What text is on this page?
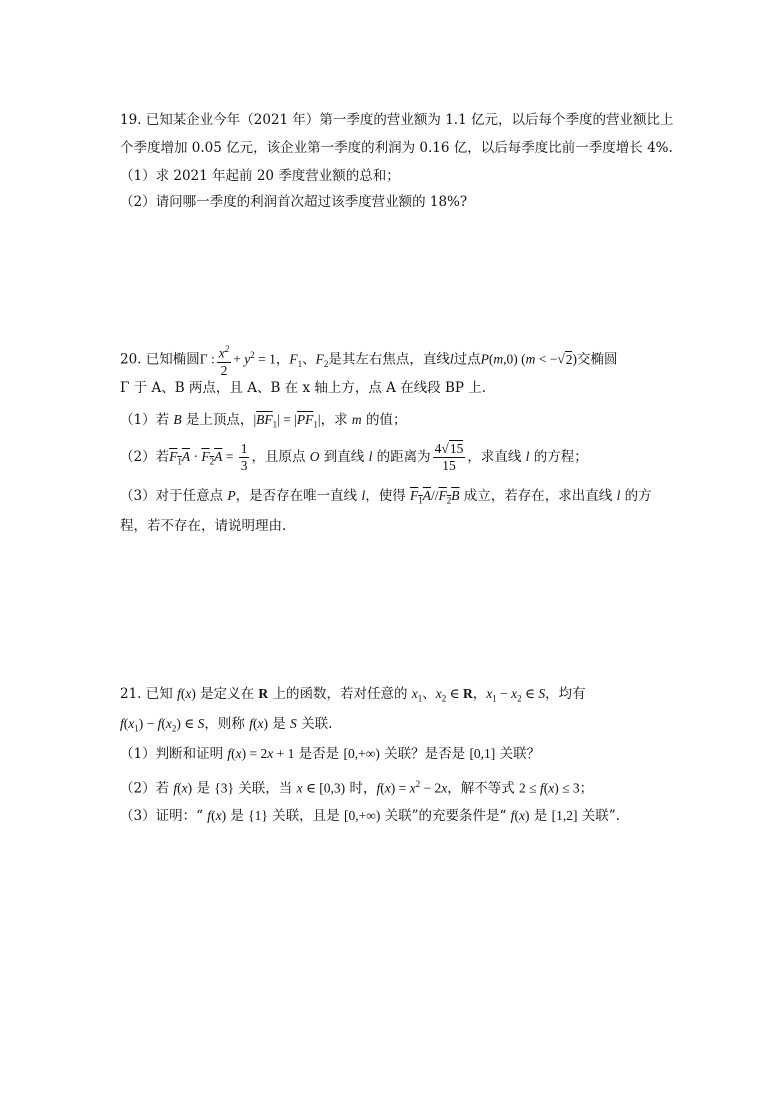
19. 已知某企业今年（2021 年）第一季度的营业额为 1.1 亿元，以后每个季度的营业额比上
个季度增加 0.05 亿元，该企业第一季度的利润为 0.16 亿，以后每季度比前一季度增长 4%.
（1）求 2021 年起前 20 季度营业额的总和；
（2）请问哪一季度的利润首次超过该季度营业额的 18%?
20. 已知椭圆Γ : $\frac{x^2}{2} + y^2 = 1$，$F_1$、$F_2$是其左右焦点，直线l过点P(m,0) (m < −√2)交椭圆
Γ 于 A、B 两点，且 A、B 在 x 轴上方，点 A 在线段 BP 上.
（1）若 B 是上顶点，$|\overline{BF}_1| = |\overline{PF}_1|$，求 m 的值；
（2）若$F_1A \cdot F_2A = \frac{1}{3}$ ，且原点 O 到直线 l 的距离为 $\frac{4√15}{15}$ ，求直线 l 的方程；
（3）对于任意点 P，是否存在唯一直线 l，使得 $F_1A//F_2B$ 成立，若存在，求出直线 l 的方
程，若不存在，请说明理由.
21. 已知 f(x) 是定义在 R 上的函数，若对任意的 $x_1$、$x_2$ ∈ R，$x_1 - x_2$ ∈ S，均有
$f(x_1) - f(x_2)$ ∈ S，则称 f(x) 是 S 关联.
（1）判断和证明 f(x) = 2x + 1 是否是 [0,+∞) 关联？是否是 [0,1] 关联？
（2）若 f(x) 是 {3} 关联，当 x ∈ [0,3) 时，$f(x) = x^2 - 2x$，解不等式 2 ≤ f(x) ≤ 3；
（3）证明：“ f(x) 是 {1} 关联，且是 [0,+∞) 关联”的充要条件是“ f(x) 是 [1,2] 关联”.
